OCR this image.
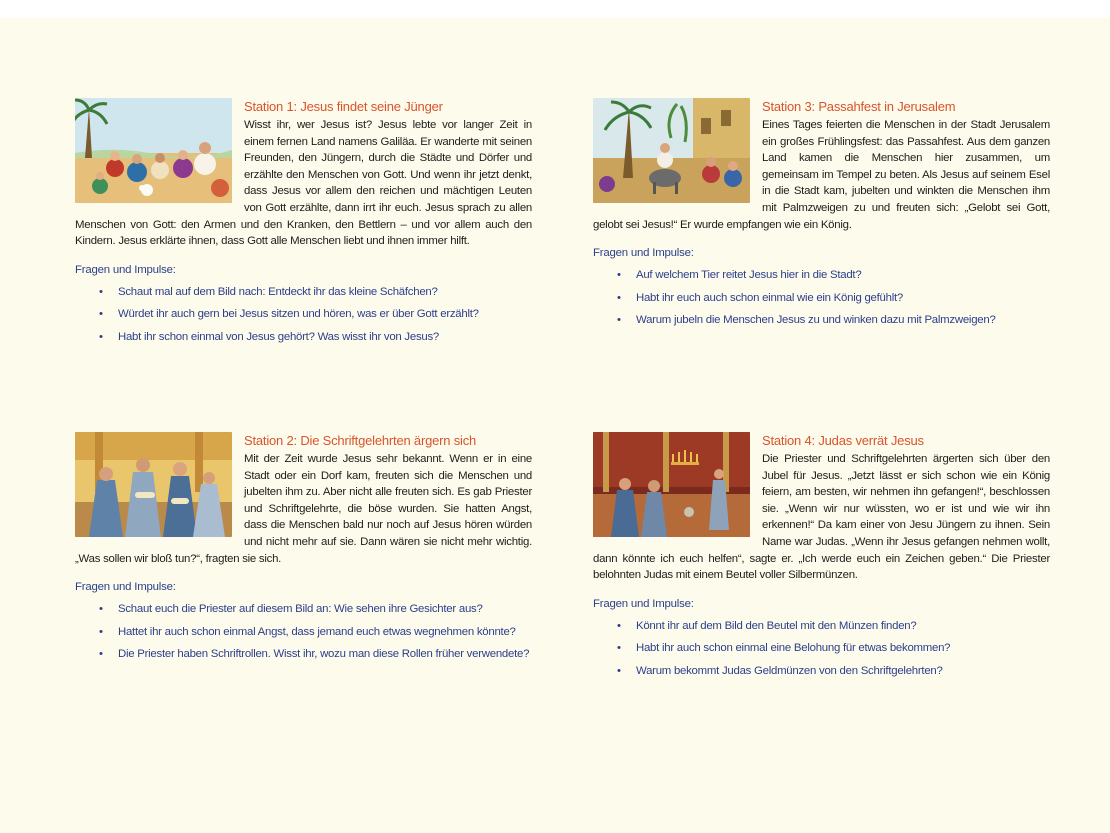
Station 1: Jesus findet seine Jünger

Wisst ihr, wer Jesus ist? Jesus lebte vor langer Zeit in einem fernen Land namens Galiläa. Er wanderte mit seinen Freunden, den Jüngern, durch die Städte und Dörfer und erzählte den Menschen von Gott. Und wenn ihr jetzt denkt, dass Jesus vor allem den reichen und mächtigen Leuten von Gott erzählte, dann irrt ihr euch. Jesus sprach zu allen Menschen von Gott: den Armen und den Kranken, den Bettlern – und vor allem auch den Kindern. Jesus erklärte ihnen, dass Gott alle Menschen liebt und ihnen immer hilft.

Fragen und Impulse:
• Schaut mal auf dem Bild nach: Entdeckt ihr das kleine Schäfchen?
• Würdet ihr auch gern bei Jesus sitzen und hören, was er über Gott erzählt?
• Habt ihr schon einmal von Jesus gehört? Was wisst ihr von Jesus?
Station 3: Passahfest in Jerusalem

Eines Tages feierten die Menschen in der Stadt Jerusalem ein großes Frühlingsfest: das Passahfest. Aus dem ganzen Land kamen die Menschen hier zusammen, um gemeinsam im Tempel zu beten. Als Jesus auf seinem Esel in die Stadt kam, jubelten und winkten die Menschen ihm mit Palmzweigen zu und freuten sich: „Gelobt sei Gott, gelobt sei Jesus!“ Er wurde empfangen wie ein König.

Fragen und Impulse:
• Auf welchem Tier reitet Jesus hier in die Stadt?
• Habt ihr euch auch schon einmal wie ein König gefühlt?
• Warum jubeln die Menschen Jesus zu und winken dazu mit Palmzweigen?
Station 2: Die Schriftgelehrten ärgern sich

Mit der Zeit wurde Jesus sehr bekannt. Wenn er in eine Stadt oder ein Dorf kam, freuten sich die Menschen und jubelten ihm zu. Aber nicht alle freuten sich. Es gab Priester und Schriftgelehrte, die böse wurden. Sie hatten Angst, dass die Menschen bald nur noch auf Jesus hören würden und nicht mehr auf sie. Dann wären sie nicht mehr wichtig. „Was sollen wir bloß tun?“, fragten sie sich.

Fragen und Impulse:
• Schaut euch die Priester auf diesem Bild an: Wie sehen ihre Gesichter aus?
• Hattet ihr auch schon einmal Angst, dass jemand euch etwas wegnehmen könnte?
• Die Priester haben Schriftrollen. Wisst ihr, wozu man diese Rollen früher verwendete?
Station 4: Judas verrät Jesus

Die Priester und Schriftgelehrten ärgerten sich über den Jubel für Jesus. „Jetzt lässt er sich schon wie ein König feiern, am besten, wir nehmen ihn gefangen!“, beschlossen sie. „Wenn wir nur wüssten, wo er ist und wie wir ihn erkennen!“ Da kam einer von Jesu Jüngern zu ihnen. Sein Name war Judas. „Wenn ihr Jesus gefangen nehmen wollt, dann könnte ich euch helfen“, sagte er. „Ich werde euch ein Zeichen geben.“ Die Priester belohnten Judas mit einem Beutel voller Silbermünzen.

Fragen und Impulse:
• Könnt ihr auf dem Bild den Beutel mit den Münzen finden?
• Habt ihr auch schon einmal eine Belohung für etwas bekommen?
• Warum bekommt Judas Geldmünzen von den Schriftgelehrten?
